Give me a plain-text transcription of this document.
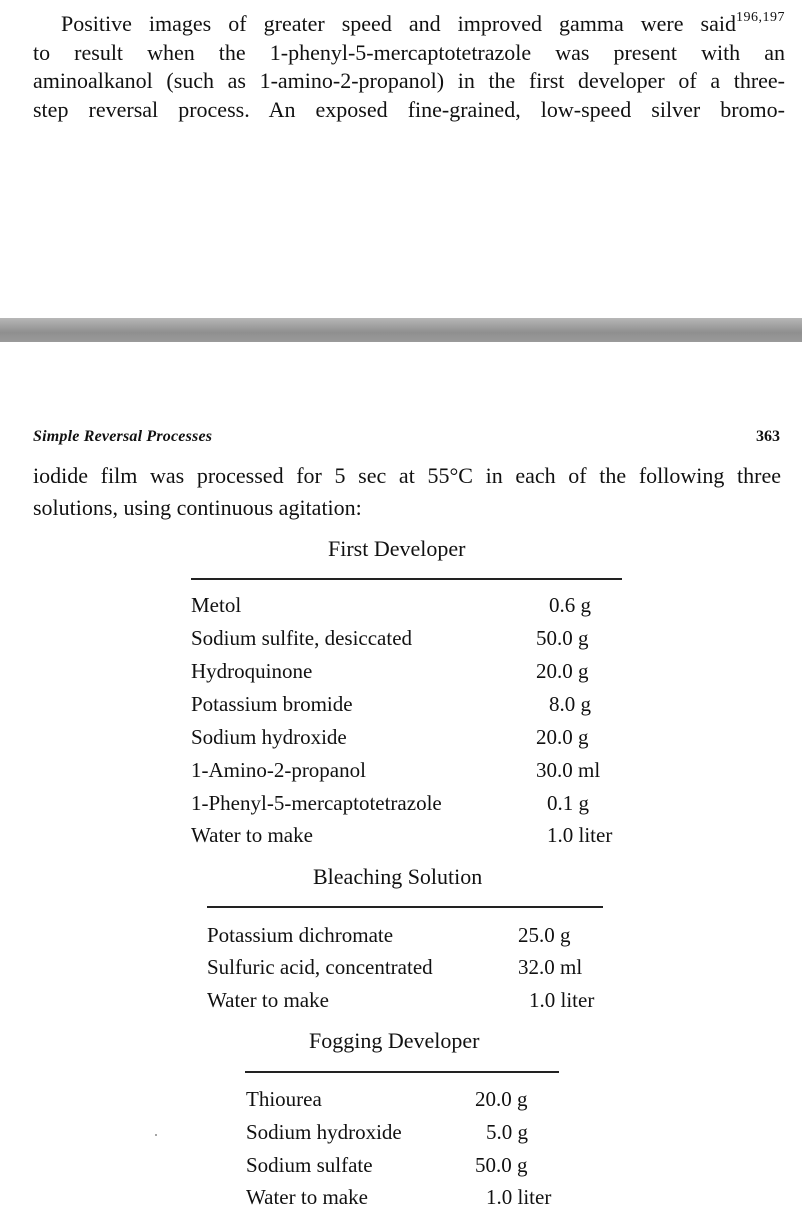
Positive images of greater speed and improved gamma were said$^{196,197}$
to result when the 1-phenyl-5-mercaptotetrazole was present with an
aminoalkanol (such as 1-amino-2-propanol) in the first developer of a three-
step reversal process. An exposed fine-grained, low-speed silver bromo-
Simple Reversal Processes	363
iodide film was processed for 5 sec at 55°C in each of the following three
solutions, using continuous agitation:
First Developer
Metol	0.6 g
Sodium sulfite, desiccated	50.0 g
Hydroquinone	20.0 g
Potassium bromide	8.0 g
Sodium hydroxide	20.0 g
1-Amino-2-propanol	30.0 ml
1-Phenyl-5-mercaptotetrazole	0.1 g
Water to make	1.0 liter
Bleaching Solution
Potassium dichromate	25.0 g
Sulfuric acid, concentrated	32.0 ml
Water to make	1.0 liter
Fogging Developer
Thiourea	20.0 g
Sodium hydroxide	5.0 g
Sodium sulfate	50.0 g
Water to make	1.0 liter
